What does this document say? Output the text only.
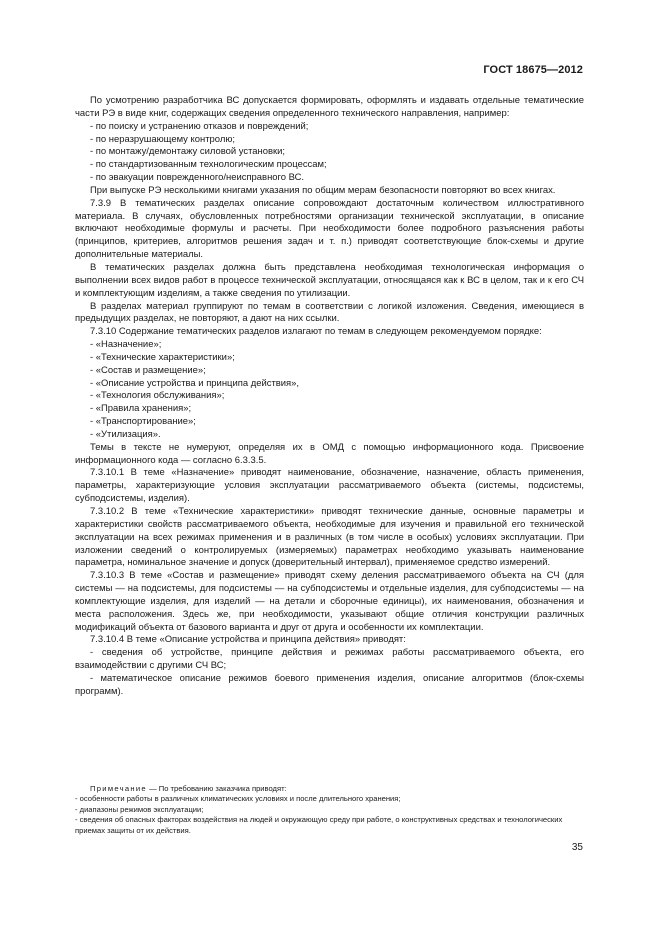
ГОСТ 18675—2012

По усмотрению разработчика ВС допускается формировать, оформлять и издавать отдельные тематические части РЭ в виде книг, содержащих сведения определенного технического направления, например:

- по поиску и устранению отказов и повреждений;

- по неразрушающему контролю;

- по монтажу/демонтажу силовой установки;

- по стандартизованным технологическим процессам;

- по эвакуации поврежденного/неисправного ВС.

При выпуске РЭ несколькими книгами указания по общим мерам безопасности повторяют во всех книгах.

7.3.9 В тематических разделах описание сопровождают достаточным количеством иллюстративного материала. В случаях, обусловленных потребностями организации технической эксплуатации, в описание включают необходимые формулы и расчеты. При необходимости более подробного разъяснения работы (принципов, критериев, алгоритмов решения задач и т. п.) приводят соответствующие блок-схемы и другие дополнительные материалы.

В тематических разделах должна быть представлена необходимая технологическая информация о выполнении всех видов работ в процессе технической эксплуатации, относящаяся как к ВС в целом, так и к его СЧ и комплектующим изделиям, а также сведения по утилизации.

В разделах материал группируют по темам в соответствии с логикой изложения. Сведения, имеющиеся в предыдущих разделах, не повторяют, а дают на них ссылки.

7.3.10 Содержание тематических разделов излагают по темам в следующем рекомендуемом порядке:

- «Назначение»;

- «Технические характеристики»;

- «Состав и размещение»;

- «Описание устройства и принципа действия»,

- «Технология обслуживания»;

- «Правила хранения»;

- «Транспортирование»;

- «Утилизация».

Темы в тексте не нумеруют, определяя их в ОМД с помощью информационного кода. Присвоение информационного кода — согласно 6.3.3.5.

7.3.10.1 В теме «Назначение» приводят наименование, обозначение, назначение, область применения, параметры, характеризующие условия эксплуатации рассматриваемого объекта (системы, подсистемы, субподсистемы, изделия).

7.3.10.2 В теме «Технические характеристики» приводят технические данные, основные параметры и характеристики свойств рассматриваемого объекта, необходимые для изучения и правильной его технической эксплуатации на всех режимах применения и в различных (в том числе в особых) условиях эксплуатации. При изложении сведений о контролируемых (измеряемых) параметрах необходимо указывать наименование параметра, номинальное значение и допуск (доверительный интервал), применяемое средство измерений.

7.3.10.3 В теме «Состав и размещение» приводят схему деления рассматриваемого объекта на СЧ (для системы — на подсистемы, для подсистемы — на субподсистемы и отдельные изделия, для субподсистемы — на комплектующие изделия, для изделий — на детали и сборочные единицы), их наименования, обозначения и места расположения. Здесь же, при необходимости, указывают общие отличия конструкции различных модификаций объекта от базового варианта и друг от друга и особенности их комплектации.

7.3.10.4 В теме «Описание устройства и принципа действия» приводят:

- сведения об устройстве, принципе действия и режимах работы рассматриваемого объекта, его взаимодействии с другими СЧ ВС;

- математическое описание режимов боевого применения изделия, описание алгоритмов (блок-схемы программ).

Примечание — По требованию заказчика приводят:

- особенности работы в различных климатических условиях и после длительного хранения;

- диапазоны режимов эксплуатации;

- сведения об опасных факторах воздействия на людей и окружающую среду при работе, о конструктивных средствах и технологических приемах защиты от их действия.

35
